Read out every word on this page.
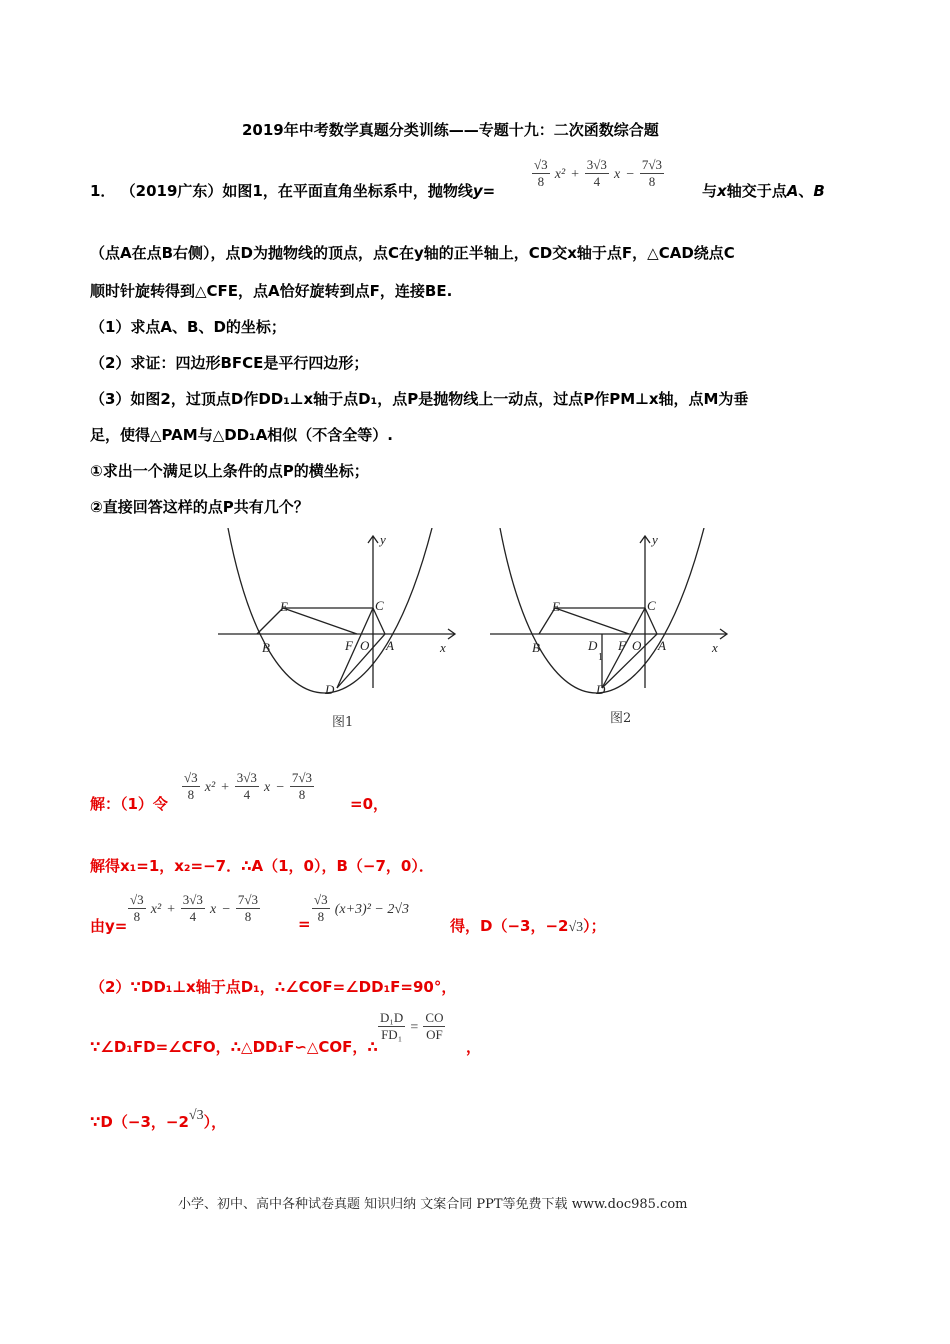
2019年中考数学真题分类训练——专题十九：二次函数综合题
1． （2019广东）如图1，在平面直角坐标系中，抛物线y=
$\frac{√3}{8} x^2 + \frac{3√3}{4}$ $x - \frac{7√3}{8}$
与x轴交于点A、B
（点A在点B右侧），点D为抛物线的顶点，点C在y轴的正半轴上，CD交x轴于点F，△CAD绕点C
顺时针旋转得到△CFE，点A恰好旋转到点F，连接BE.
（1）求点A、B、D的坐标；
（2）求证：四边形BFCE是平行四边形；
（3）如图2，过顶点D作DD₁⊥x轴于点D₁，点P是抛物线上一动点，过点P作PM⊥x轴，点M为垂
足，使得△PAM与△DD₁A相似（不含全等）.
①求出一个满足以上条件的点P的横坐标；
②直接回答这样的点P共有几个？
y
x
E	C
B	F O A
D
图1
y
x
E	C
B	D
1
F O A
D
图2
解：（1）令
$\frac{√3}{8} x^2 + \frac{3√3}{4}$ $x - \frac{7√3}{8}$
=0，
解得x₁=1，x₂=−7．∴A（1，0），B（−7，0）．
由y=
$\frac{√3}{8} x^2 + \frac{3√3}{4}$ $x - \frac{7√3}{8}$	= $\frac{√3}{8} (x+3)^2 - 2√3$
得，D（−3，−2√3）；
（2）∵DD₁⊥x轴于点D₁，∴∠COF=∠DD₁F=90°，
∵∠D₁FD=∠CFO，∴△DD₁F∽△COF，∴
$\frac{\text{D₁D}}{\text{FD₁}} = \frac{CO}{OF}$
，
∵D（−3，−2√3），
小学、初中、高中各种试卷真题 知识归纳 文案合同 PPT等免费下载 www.doc985.com
